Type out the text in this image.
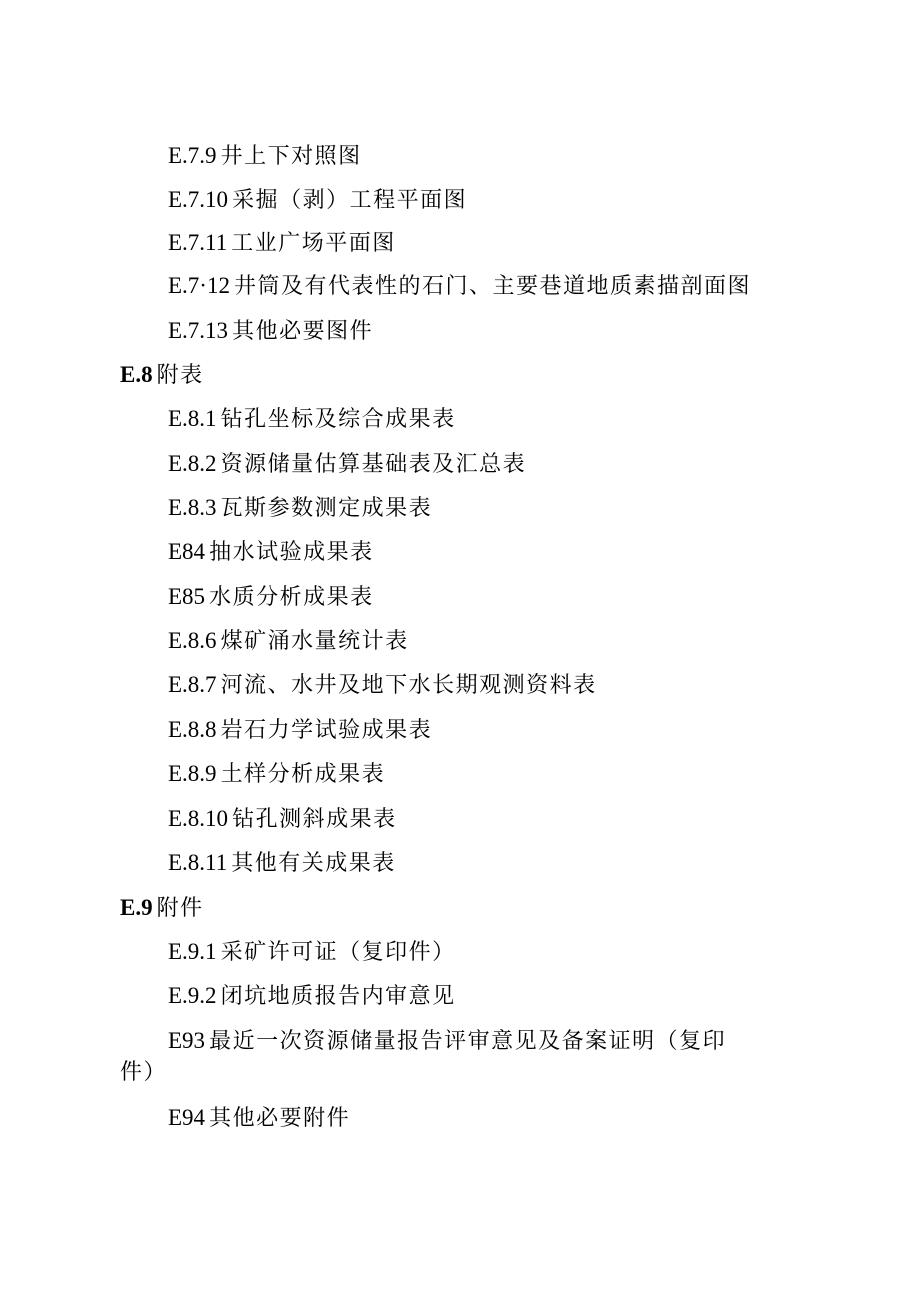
E.7.9 井上下对照图
E.7.10 采掘（剥）工程平面图
E.7.11 工业广场平面图
E.7·12 井筒及有代表性的石门、主要巷道地质素描剖面图
E.7.13 其他必要图件
E.8 附表
E.8.1 钻孔坐标及综合成果表
E.8.2 资源储量估算基础表及汇总表
E.8.3 瓦斯参数测定成果表
E84 抽水试验成果表
E85 水质分析成果表
E.8.6 煤矿涌水量统计表
E.8.7 河流、水井及地下水长期观测资料表
E.8.8 岩石力学试验成果表
E.8.9 土样分析成果表
E.8.10 钻孔测斜成果表
E.8.11 其他有关成果表
E.9 附件
E.9.1 采矿许可证（复印件）
E.9.2 闭坑地质报告内审意见
E93 最近一次资源储量报告评审意见及备案证明（复印
件）
E94 其他必要附件
